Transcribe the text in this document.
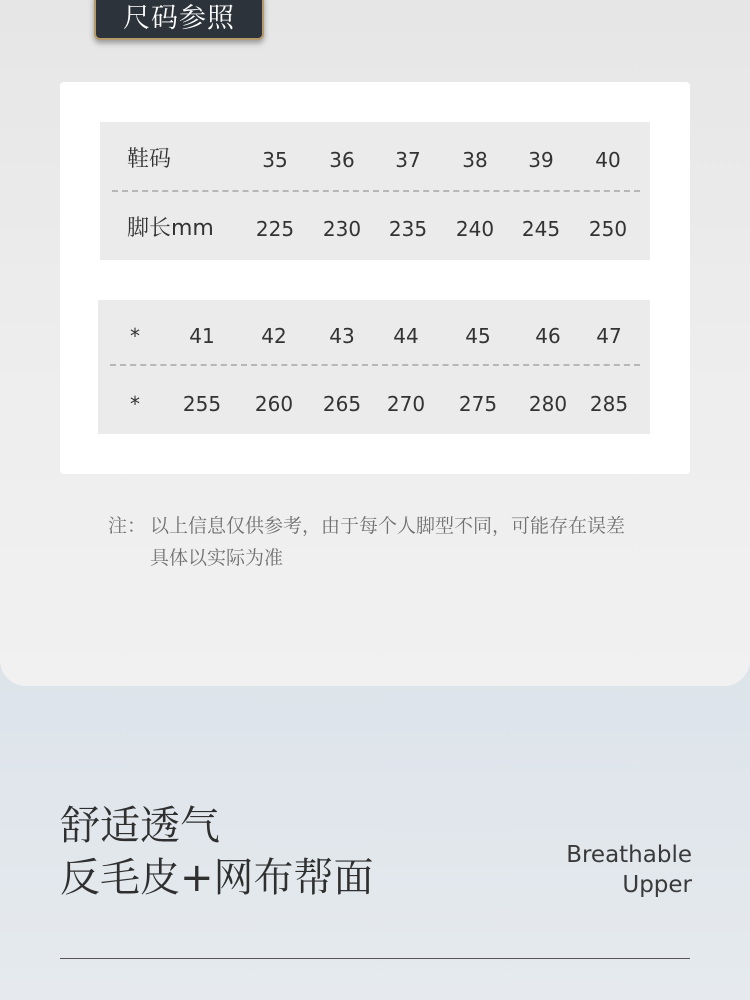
尺码参照
鞋码	35 36 37 38 39 40
脚长mm 225 230 235 240 245 250
* 41 42 43 44 45 46 47
* 255 260 265 270 275 280 285
注： 以上信息仅供参考，由于每个人脚型不同，可能存在误差
具体以实际为准
舒适透气
反毛皮+网布帮面	Breathable
Upper
